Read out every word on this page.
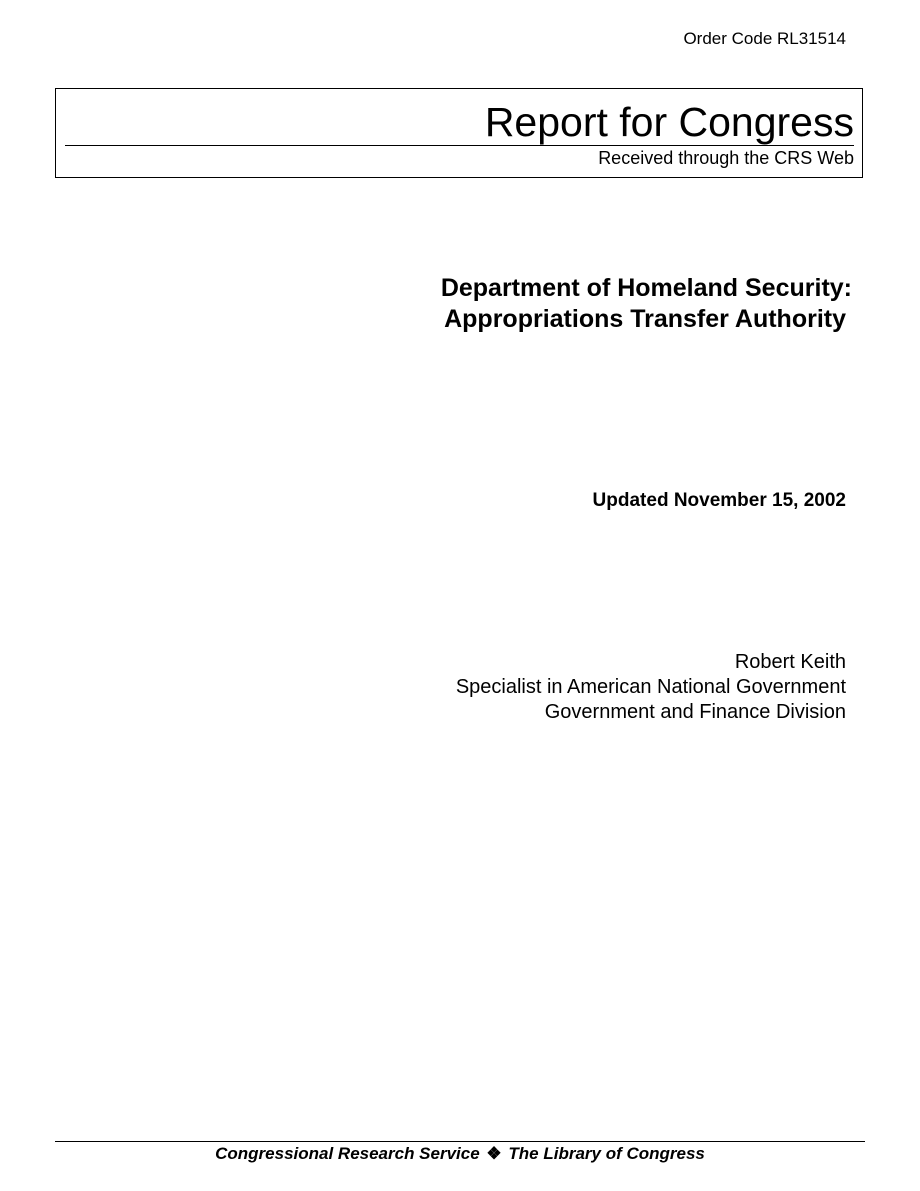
Order Code RL31514
Report for Congress
Received through the CRS Web
Department of Homeland Security:
Appropriations Transfer Authority
Updated November 15, 2002
Robert Keith
Specialist in American National Government
Government and Finance Division
Congressional Research Service ❖ The Library of Congress
